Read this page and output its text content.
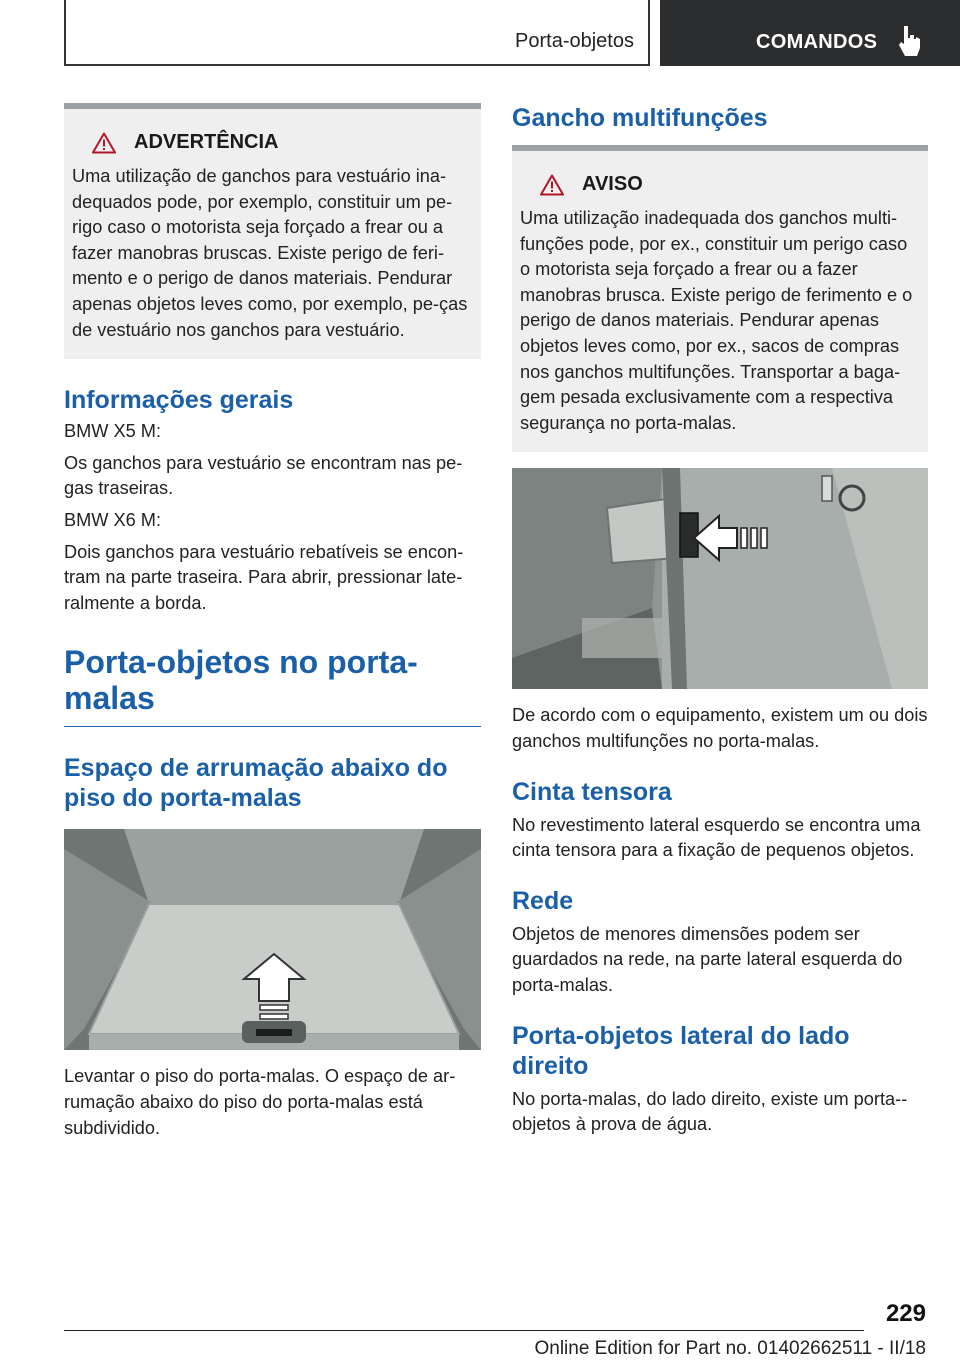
Porta-objetos	COMANDOS
ADVERTÊNCIA
Uma utilização de ganchos para vestuário ina-dequados pode, por exemplo, constituir um pe-rigo caso o motorista seja forçado a frear ou a fazer manobras bruscas. Existe perigo de feri-mento e o perigo de danos materiais. Pendurar apenas objetos leves como, por exemplo, pe-ças de vestuário nos ganchos para vestuário.
Informações gerais
BMW X5 M:
Os ganchos para vestuário se encontram nas pe-gas traseiras.
BMW X6 M:
Dois ganchos para vestuário rebatíveis se encon-tram na parte traseira. Para abrir, pressionar late-ralmente a borda.
Porta-objetos no porta-
malas
Espaço de arrumação abaixo do piso do porta-malas
Levantar o piso do porta-malas. O espaço de ar-rumação abaixo do piso do porta-malas está subdividido.
Gancho multifunções
AVISO
Uma utilização inadequada dos ganchos multi-funções pode, por ex., constituir um perigo caso o motorista seja forçado a frear ou a fazer manobras brusca. Existe perigo de ferimento e o perigo de danos materiais. Pendurar apenas objetos leves como, por ex., sacos de compras nos ganchos multifunções. Transportar a baga-gem pesada exclusivamente com a respectiva segurança no porta-malas.
De acordo com o equipamento, existem um ou dois ganchos multifunções no porta-malas.
Cinta tensora
No revestimento lateral esquerdo se encontra uma cinta tensora para a fixação de pequenos objetos.
Rede
Objetos de menores dimensões podem ser guardados na rede, na parte lateral esquerda do porta-malas.
Porta-objetos lateral do lado direito
No porta-malas, do lado direito, existe um porta--objetos à prova de água.
229
Online Edition for Part no. 01402662511 - II/18
